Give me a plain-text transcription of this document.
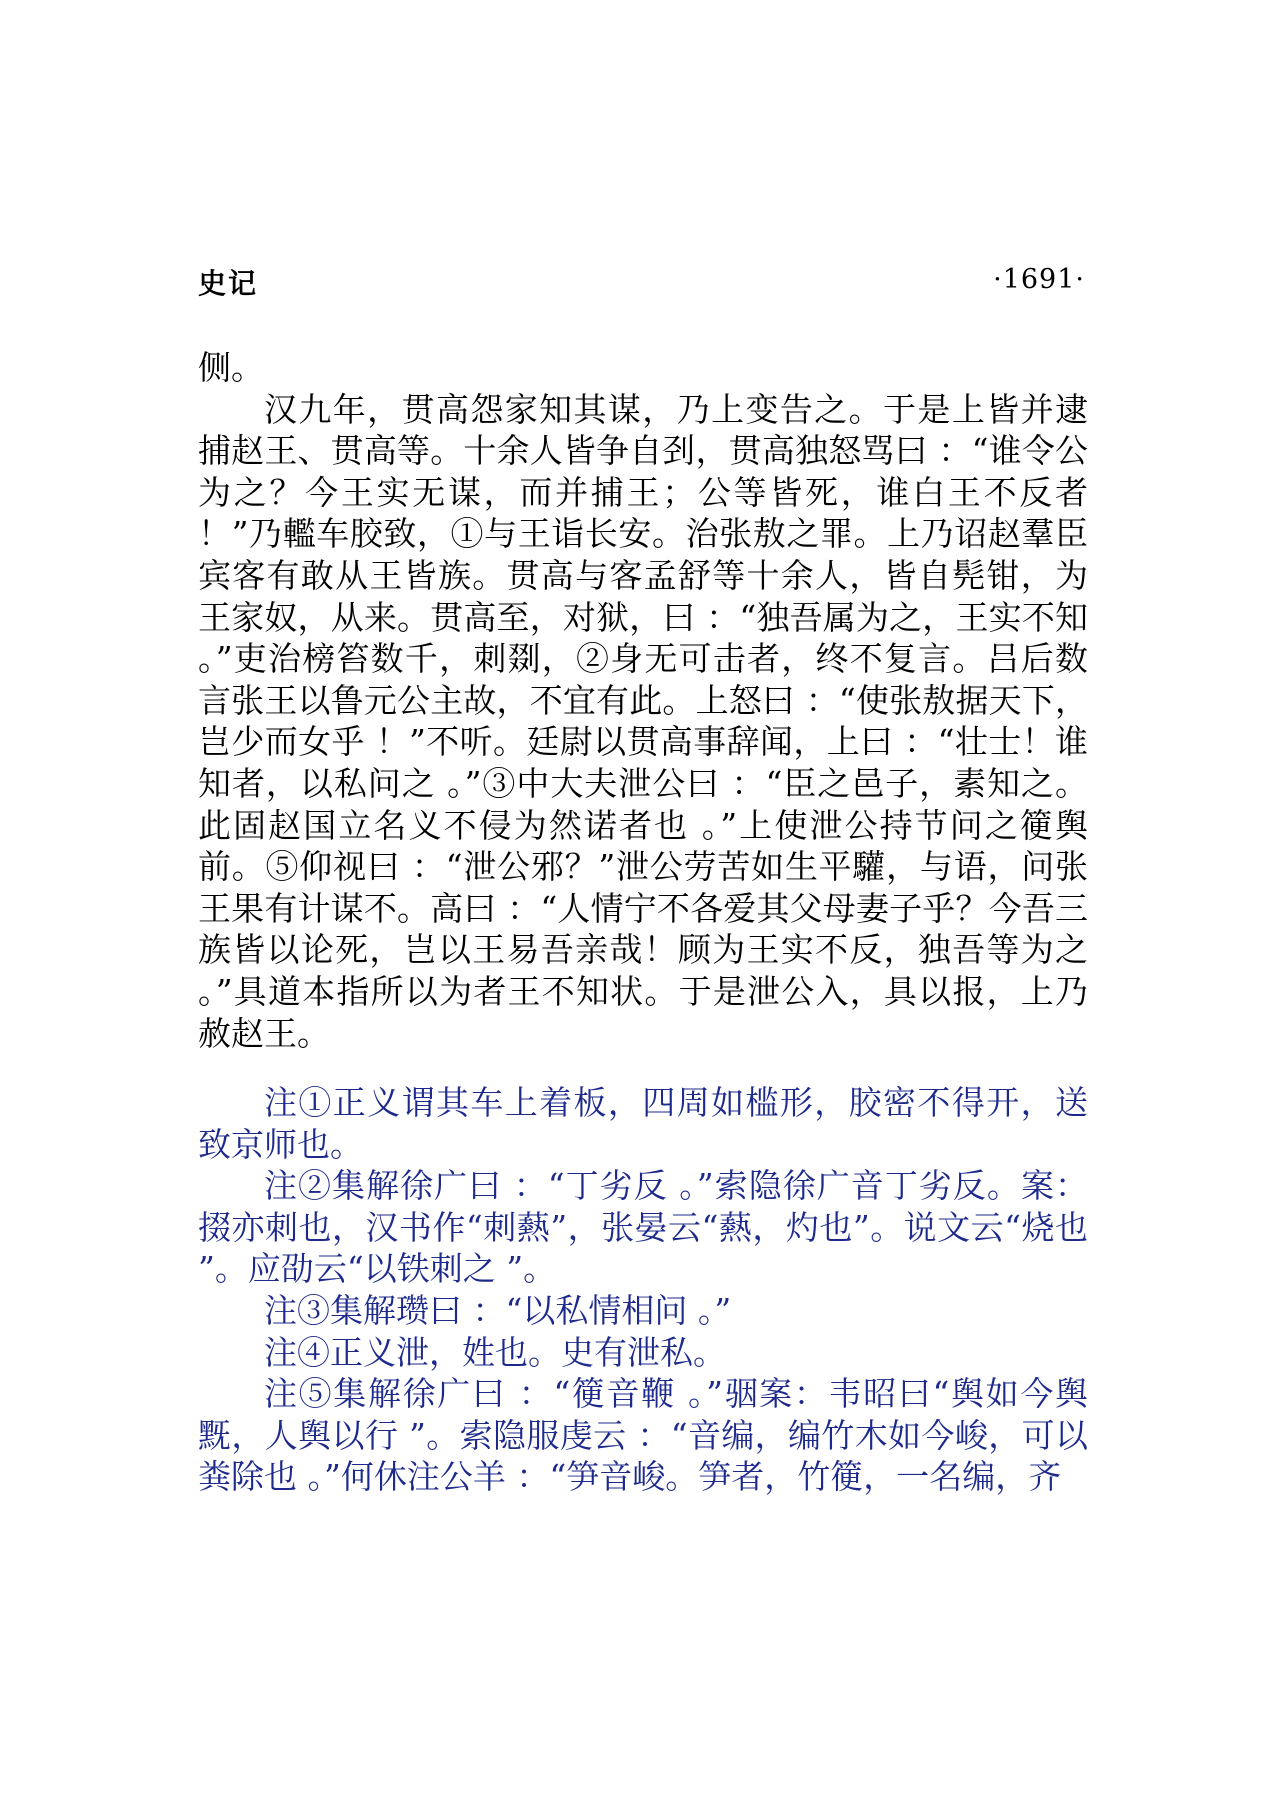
史记	·1691·

侧。

汉九年，贯高怨家知其谋，乃上变告之。于是上皆并逮捕赵王、贯高等。十余人皆争自刭，贯高独怒骂曰 ：“谁令公为之？今王实无谋，而并捕王；公等皆死，谁白王不反者 ！”乃轞车胶致，①与王诣长安。治张敖之罪。上乃诏赵羣臣宾客有敢从王皆族。贯高与客孟舒等十余人，皆自髡钳，为王家奴，从来。贯高至，对狱，曰 ：“独吾属为之，王实不知 。”吏治榜笞数千，刺剟，②身无可击者，终不复言。吕后数言张王以鲁元公主故，不宜有此。上怒曰 ：“使张敖据天下，岂少而女乎 ！”不听。廷尉以贯高事辞闻，上曰 ：“壮士！谁知者，以私问之 。”③中大夫泄公曰 ：“臣之邑子，素知之。此固赵国立名义不侵为然诺者也 。”上使泄公持节问之箯舆前。⑤仰视曰 ：“泄公邪？”泄公劳苦如生平驩，与语，问张王果有计谋不。高曰 ：“人情宁不各爱其父母妻子乎？今吾三族皆以论死，岂以王易吾亲哉！顾为王实不反，独吾等为之 。”具道本指所以为者王不知状。于是泄公入，具以报，上乃赦赵王。

注①正义谓其车上着板，四周如槛形，胶密不得开，送致京师也。

注②集解徐广曰 ：“丁劣反 。”索隐徐广音丁劣反。案：掇亦刺也，汉书作“刺爇”，张晏云“爇，灼也”。说文云“烧也 ”。应劭云“以铁刺之 ”。

注③集解瓒曰 ：“以私情相问 。”

注④正义泄，姓也。史有泄私。

注⑤集解徐广曰 ：“箯音鞭 。”骃案：韦昭曰“舆如今舆黖，人舆以行 ”。索隐服虔云 ：“音编，编竹木如今峻，可以粪除也 。”何休注公羊 ：“笋音峻。笋者，竹箯，一名编，齐
